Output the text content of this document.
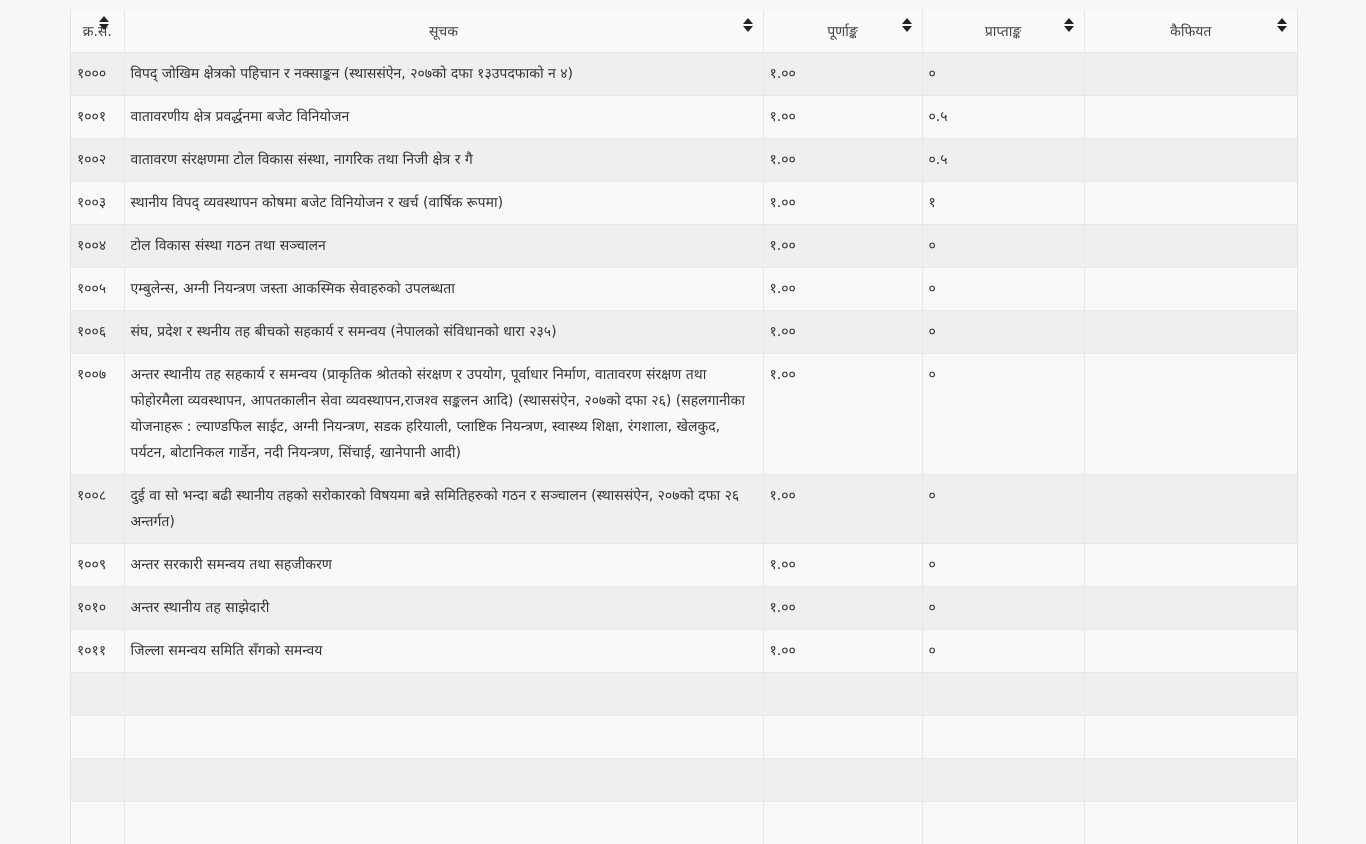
क्र.सं.	सूचक	पूर्णाङ्क	प्राप्ताङ्क	कैफियत

१०००	विपद् जोखिम क्षेत्रको पहिचान र नक्साङ्कन (स्थाससंऐन, २०७को दफा १३उपदफाको न ४)	१.००	०	
१००१	वातावरणीय क्षेत्र प्रवर्द्धनमा बजेट विनियोजन	१.००	०.५	
१००२	वातावरण संरक्षणमा टोल विकास संस्था, नागरिक तथा निजी क्षेत्र र गै	१.००	०.५	
१००३	स्थानीय विपद् व्यवस्थापन कोषमा बजेट विनियोजन र खर्च (वार्षिक रूपमा)	१.००	१	
१००४	टोल विकास संस्था गठन तथा सञ्चालन	१.००	०	
१००५	एम्बुलेन्स, अग्नी नियन्त्रण जस्ता आकस्मिक सेवाहरुको उपलब्धता	१.००	०	
१००६	संघ, प्रदेश र स्थनीय तह बीचको सहकार्य र समन्वय (नेपालको संविधानको धारा २३५)	१.००	०	
१००७	अन्तर स्थानीय तह सहकार्य र समन्वय (प्राकृतिक श्रोतको संरक्षण र उपयोग, पूर्वाधार निर्माण, वातावरण संरक्षण तथा फोहोरमैला व्यवस्थापन, आपतकालीन सेवा व्यवस्थापन,राजश्व सङ्कलन आदि) (स्थाससंऐन, २०७को दफा २६) (सहलगानीका योजनाहरू : ल्याण्डफिल साईट, अग्नी नियन्त्रण, सडक हरियाली, प्लाष्टिक नियन्त्रण, स्वास्थ्य शिक्षा, रंगशाला, खेलकुद, पर्यटन, बोटानिकल गार्डेन, नदी नियन्त्रण, सिंचाई, खानेपानी आदी)	१.००	०	
१००८	दुई वा सो भन्दा बढी स्थानीय तहको सरोकारको विषयमा बन्ने समितिहरुको गठन र सञ्चालन (स्थाससंऐन, २०७को दफा २६ अन्तर्गत)	१.००	०	
१००९	अन्तर सरकारी समन्वय तथा सहजीकरण	१.००	०	
१०१०	अन्तर स्थानीय तह साझेदारी	१.००	०	
१०११	जिल्ला समन्वय समिति सँगको समन्वय	१.००	०	
